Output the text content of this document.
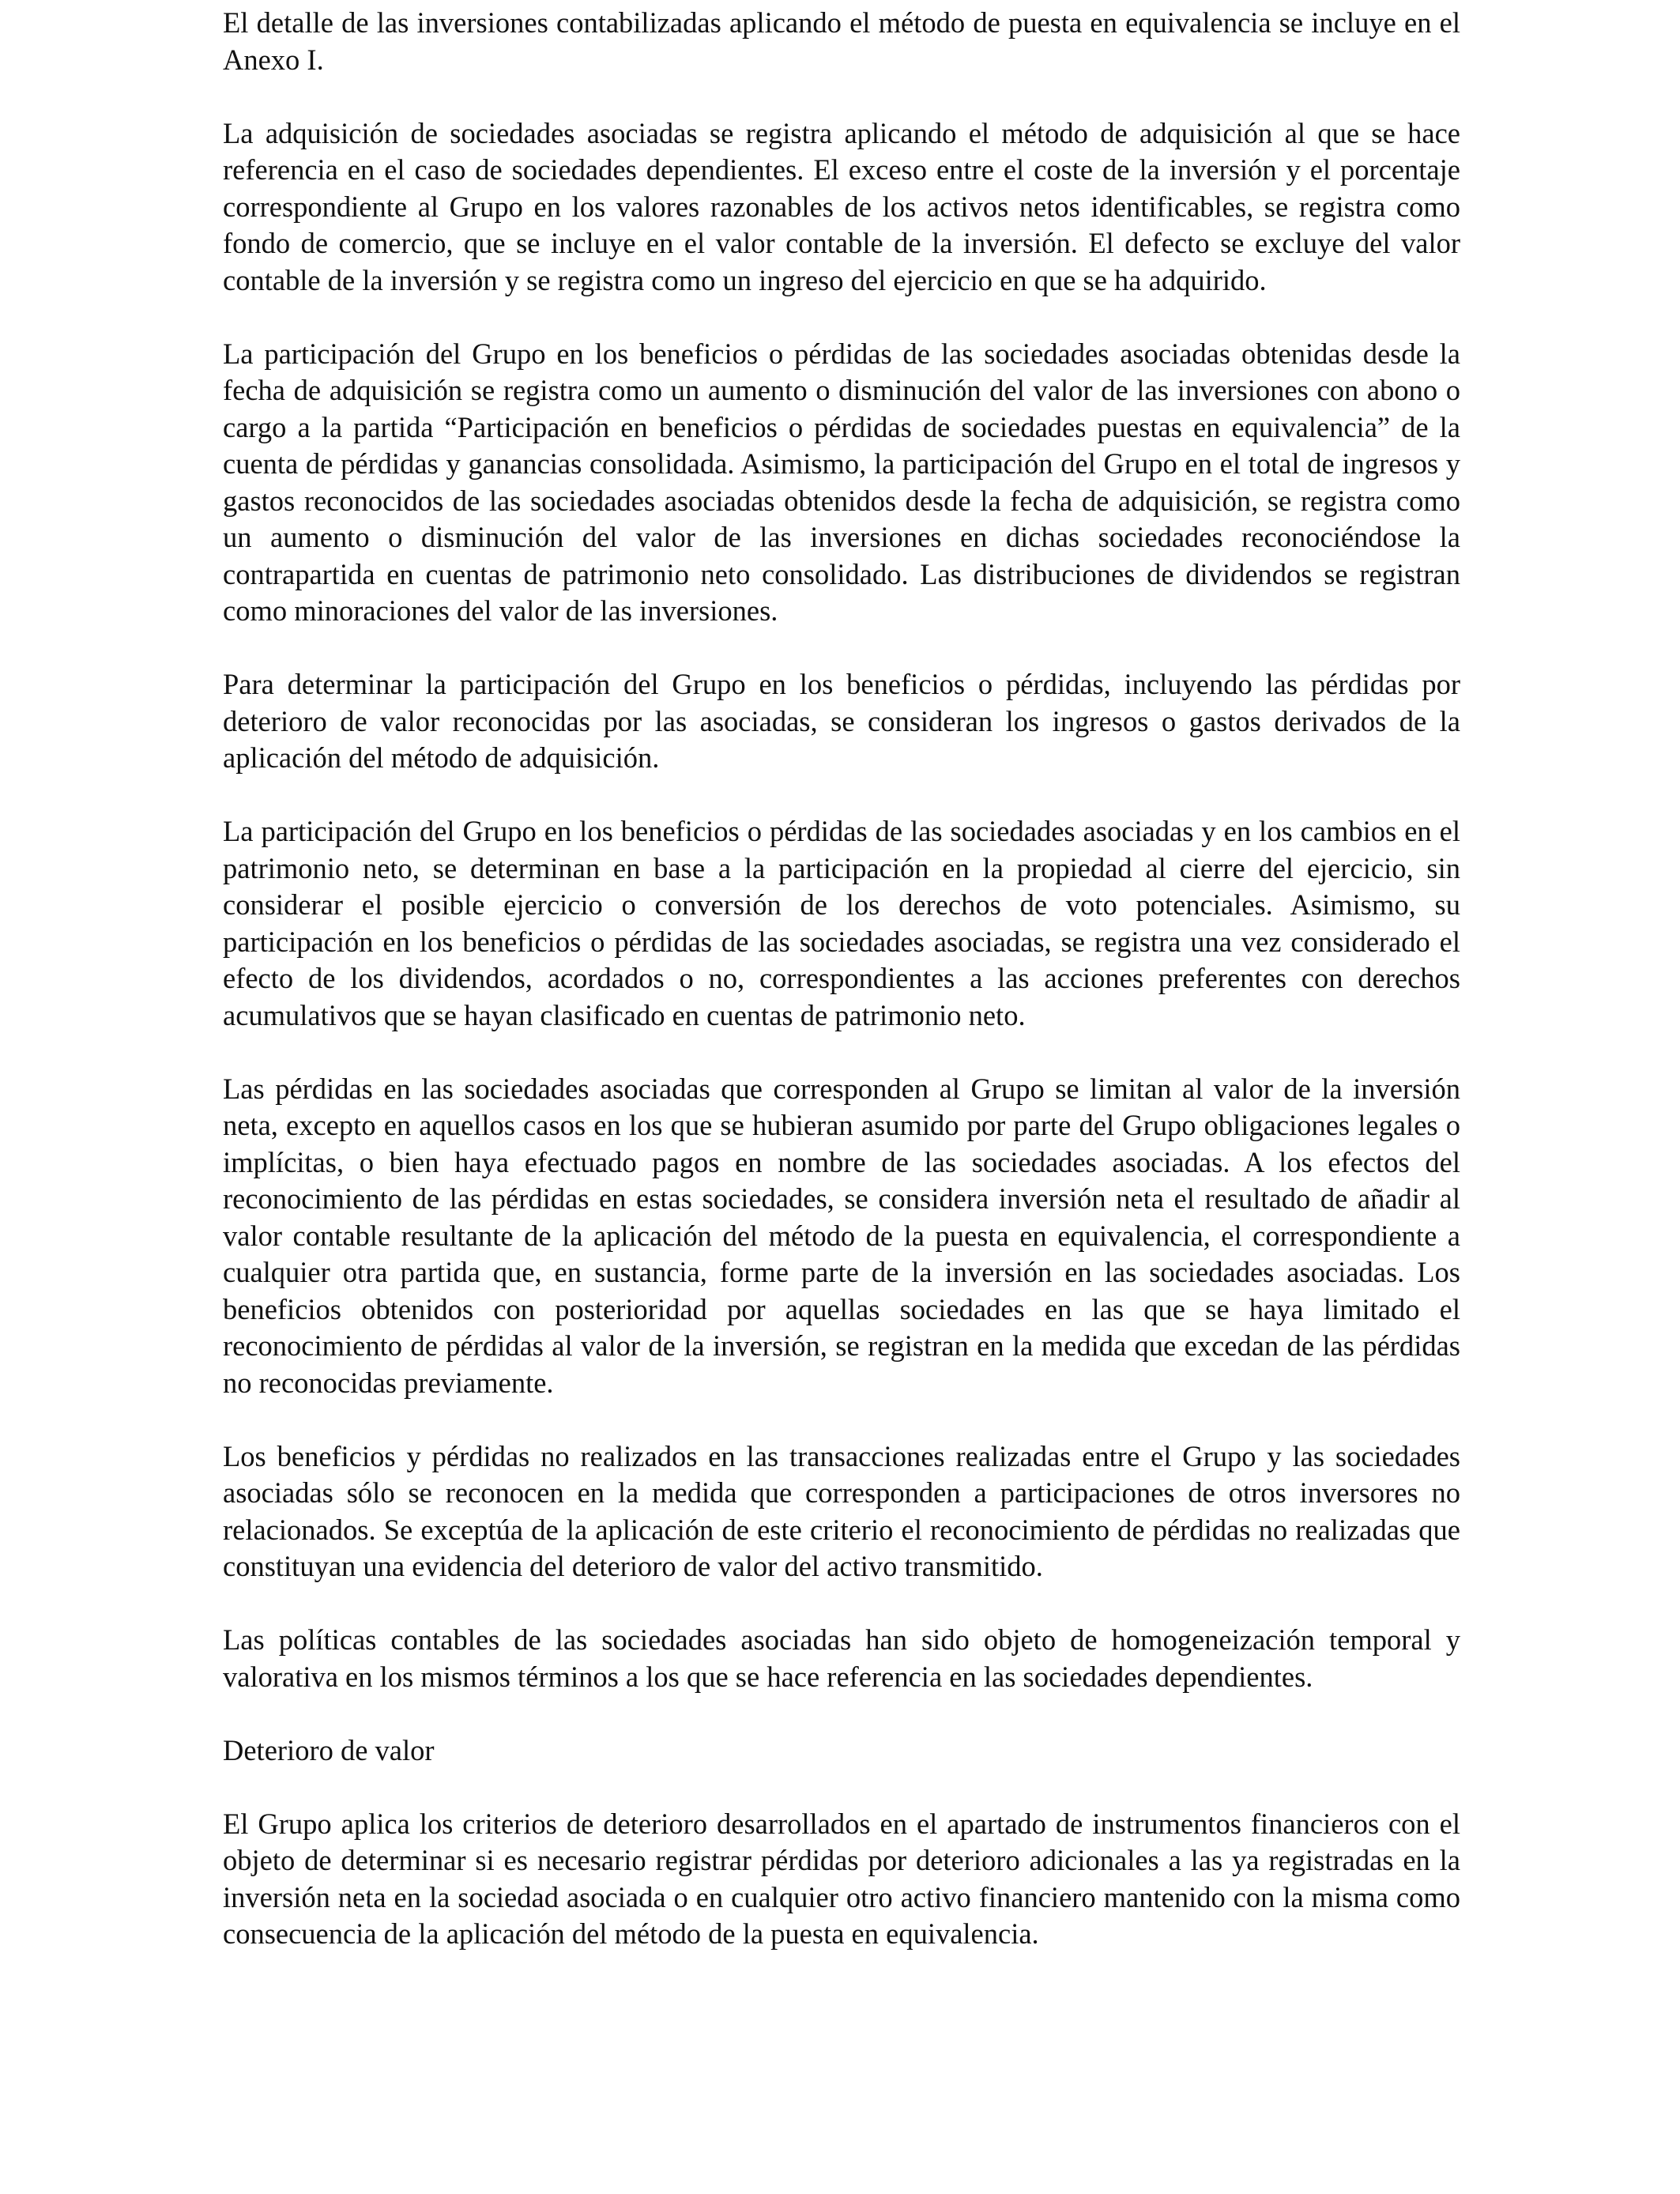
El detalle de las inversiones contabilizadas aplicando el método de puesta en equivalencia se incluye en el Anexo I.

La adquisición de sociedades asociadas se registra aplicando el método de adquisición al que se hace referencia en el caso de sociedades dependientes. El exceso entre el coste de la inversión y el porcentaje correspondiente al Grupo en los valores razonables de los activos netos identificables, se registra como fondo de comercio, que se incluye en el valor contable de la inversión. El defecto se excluye del valor contable de la inversión y se registra como un ingreso del ejercicio en que se ha adquirido.

La participación del Grupo en los beneficios o pérdidas de las sociedades asociadas obtenidas desde la fecha de adquisición se registra como un aumento o disminución del valor de las inversiones con abono o cargo a la partida “Participación en beneficios o pérdidas de sociedades puestas en equivalencia” de la cuenta de pérdidas y ganancias consolidada. Asimismo, la participación del Grupo en el total de ingresos y gastos reconocidos de las sociedades asociadas obtenidos desde la fecha de adquisición, se registra como un aumento o disminución del valor de las inversiones en dichas sociedades reconociéndose la contrapartida en cuentas de patrimonio neto consolidado. Las distribuciones de dividendos se registran como minoraciones del valor de las inversiones.

Para determinar la participación del Grupo en los beneficios o pérdidas, incluyendo las pérdidas por deterioro de valor reconocidas por las asociadas, se consideran los ingresos o gastos derivados de la aplicación del método de adquisición.

La participación del Grupo en los beneficios o pérdidas de las sociedades asociadas y en los cambios en el patrimonio neto, se determinan en base a la participación en la propiedad al cierre del ejercicio, sin considerar el posible ejercicio o conversión de los derechos de voto potenciales. Asimismo, su participación en los beneficios o pérdidas de las sociedades asociadas, se registra una vez considerado el efecto de los dividendos, acordados o no, correspondientes a las acciones preferentes con derechos acumulativos que se hayan clasificado en cuentas de patrimonio neto.

Las pérdidas en las sociedades asociadas que corresponden al Grupo se limitan al valor de la inversión neta, excepto en aquellos casos en los que se hubieran asumido por parte del Grupo obligaciones legales o implícitas, o bien haya efectuado pagos en nombre de las sociedades asociadas. A los efectos del reconocimiento de las pérdidas en estas sociedades, se considera inversión neta el resultado de añadir al valor contable resultante de la aplicación del método de la puesta en equivalencia, el correspondiente a cualquier otra partida que, en sustancia, forme parte de la inversión en las sociedades asociadas. Los beneficios obtenidos con posterioridad por aquellas sociedades en las que se haya limitado el reconocimiento de pérdidas al valor de la inversión, se registran en la medida que excedan de las pérdidas no reconocidas previamente.

Los beneficios y pérdidas no realizados en las transacciones realizadas entre el Grupo y las sociedades asociadas sólo se reconocen en la medida que corresponden a participaciones de otros inversores no relacionados. Se exceptúa de la aplicación de este criterio el reconocimiento de pérdidas no realizadas que constituyan una evidencia del deterioro de valor del activo transmitido.

Las políticas contables de las sociedades asociadas han sido objeto de homogeneización temporal y valorativa en los mismos términos a los que se hace referencia en las sociedades dependientes.

Deterioro de valor

El Grupo aplica los criterios de deterioro desarrollados en el apartado de instrumentos financieros con el objeto de determinar si es necesario registrar pérdidas por deterioro adicionales a las ya registradas en la inversión neta en la sociedad asociada o en cualquier otro activo financiero mantenido con la misma como consecuencia de la aplicación del método de la puesta en equivalencia.
